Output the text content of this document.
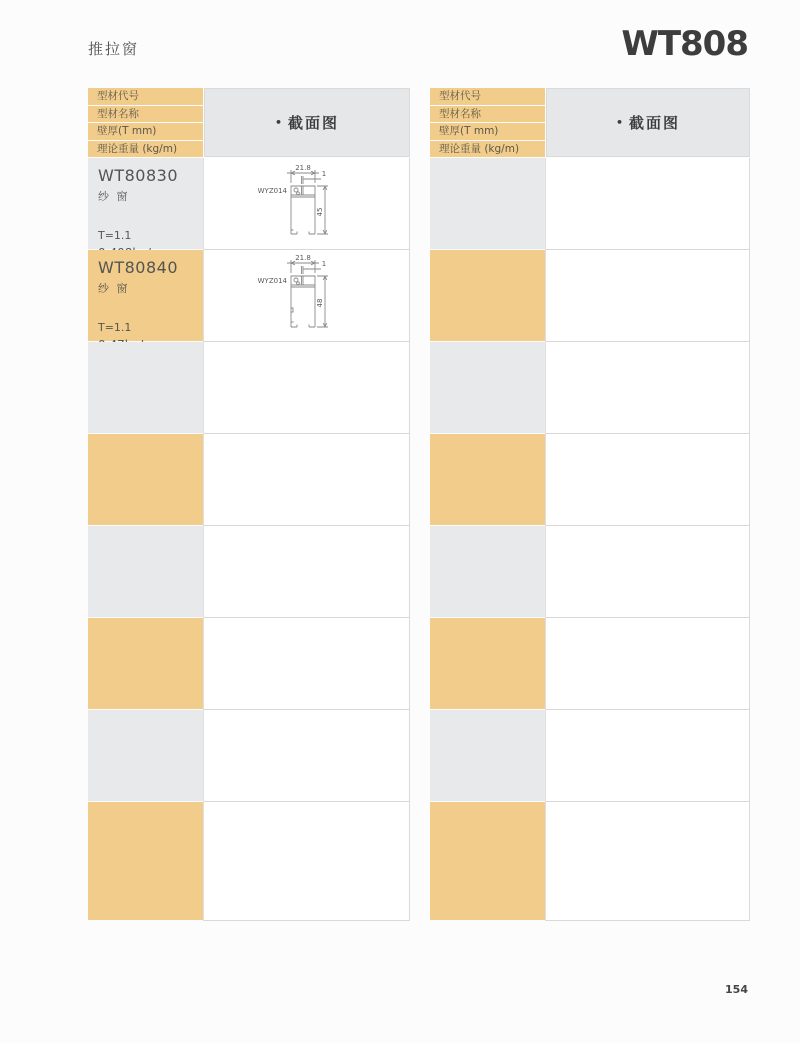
推拉窗	WT808
型材代号
型材名称
壁厚(T mm)
理论重量 (kg/m)
• 截面图
WT80830
纱 窗
T=1.1
21.8
1
WYZ014
45
WT80840
纱 窗
T=1.1
21.8
1
WYZ014
48
型材代号
型材名称
壁厚(T mm)
理论重量 (kg/m)
• 截面图
154
